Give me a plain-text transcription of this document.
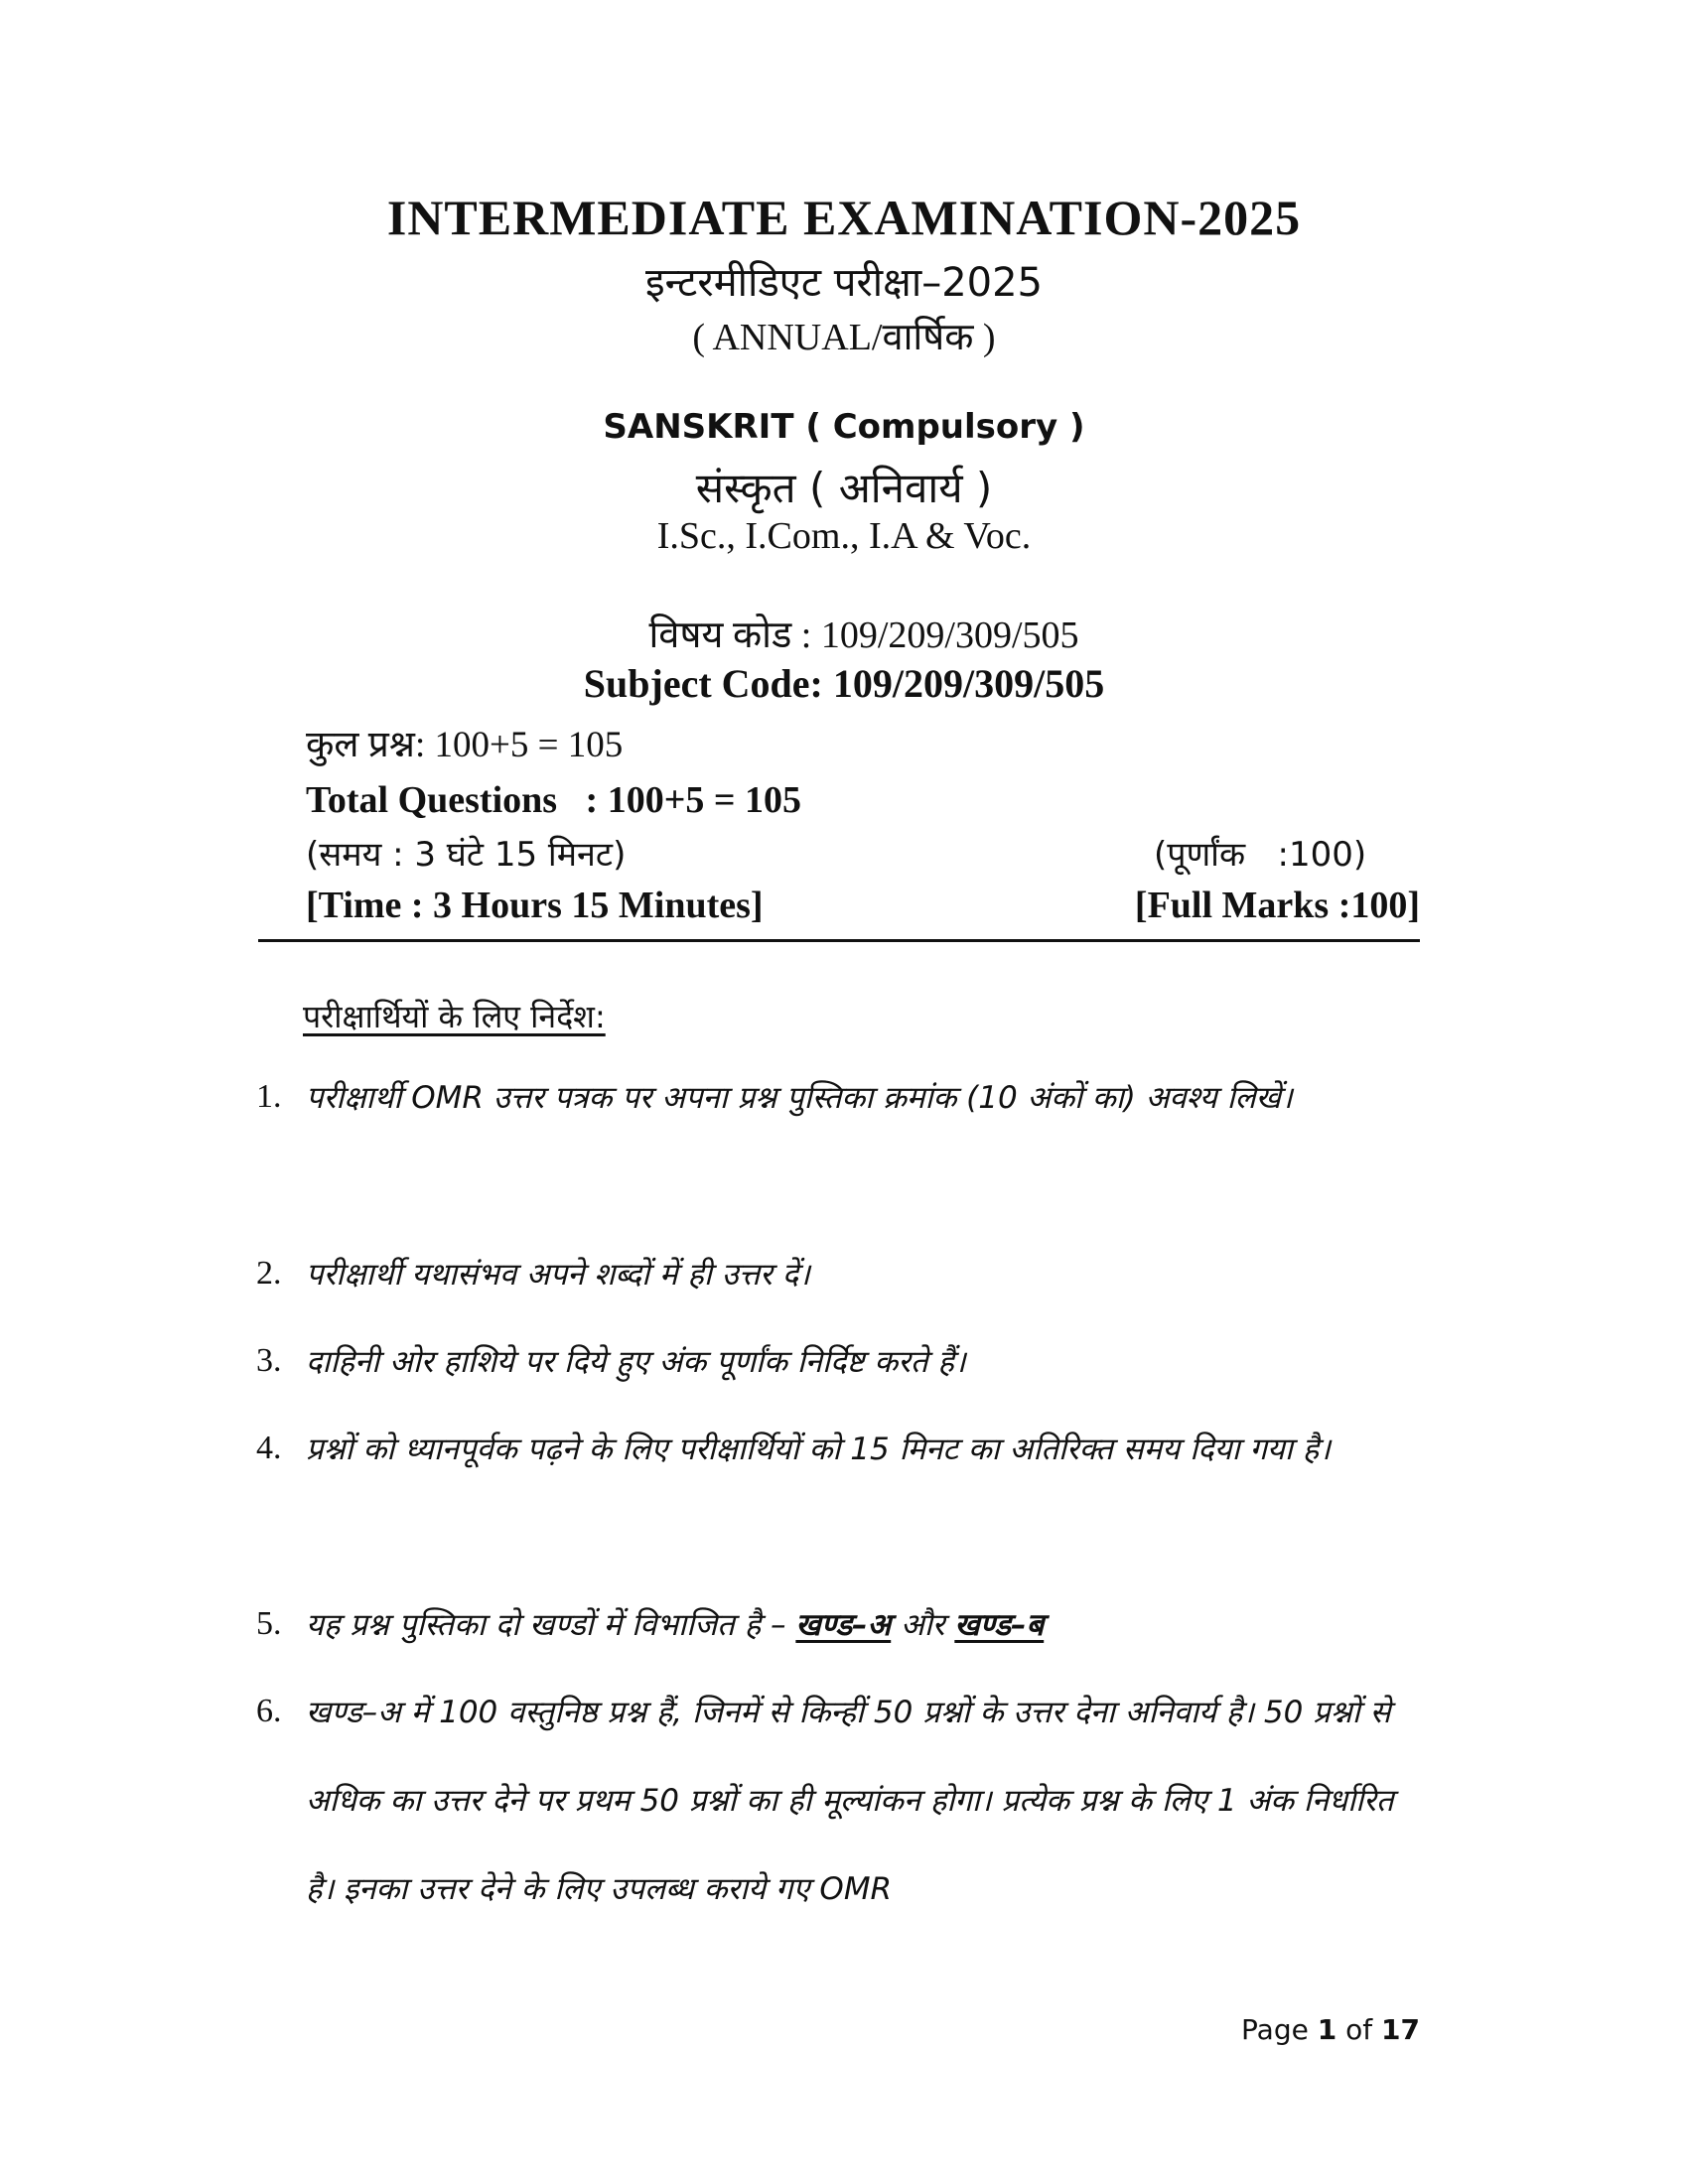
INTERMEDIATE EXAMINATION-2025
इन्टरमीडिएट परीक्षा–2025
( ANNUAL/वार्षिक )
SANSKRIT ( Compulsory )
संस्कृत ( अनिवार्य )
I.Sc., I.Com., I.A & Voc.
विषय कोड : 109/209/309/505
Subject Code: 109/209/309/505
कुल प्रश्न: 100+5 = 105
Total Questions   : 100+5 = 105
(समय : 3 घंटे 15 मिनट)	(पूर्णांक   :100)
[Time : 3 Hours 15 Minutes]	[Full Marks :100]
परीक्षार्थियों के लिए निर्देश:
1. परीक्षार्थी OMR उत्तर पत्रक पर अपना प्रश्न पुस्तिका क्रमांक (10 अंकों का) अवश्य लिखें।
2. परीक्षार्थी यथासंभव अपने शब्दों में ही उत्तर दें।
3. दाहिनी ओर हाशिये पर दिये हुए अंक पूर्णांक निर्दिष्ट करते हैं।
4. प्रश्नों को ध्यानपूर्वक पढ़ने के लिए परीक्षार्थियों को 15 मिनट का अतिरिक्त समय दिया गया है।
5. यह प्रश्न पुस्तिका दो खण्डों में विभाजित है – खण्ड–अ और खण्ड–ब
6. खण्ड–अ में 100 वस्तुनिष्ठ प्रश्न हैं, जिनमें से किन्हीं 50 प्रश्नों के उत्तर देना अनिवार्य है। 50 प्रश्नों से अधिक का उत्तर देने पर प्रथम 50 प्रश्नों का ही मूल्यांकन होगा। प्रत्येक प्रश्न के लिए 1 अंक निर्धारित है। इनका उत्तर देने के लिए उपलब्ध कराये गए OMR
Page 1 of 17
